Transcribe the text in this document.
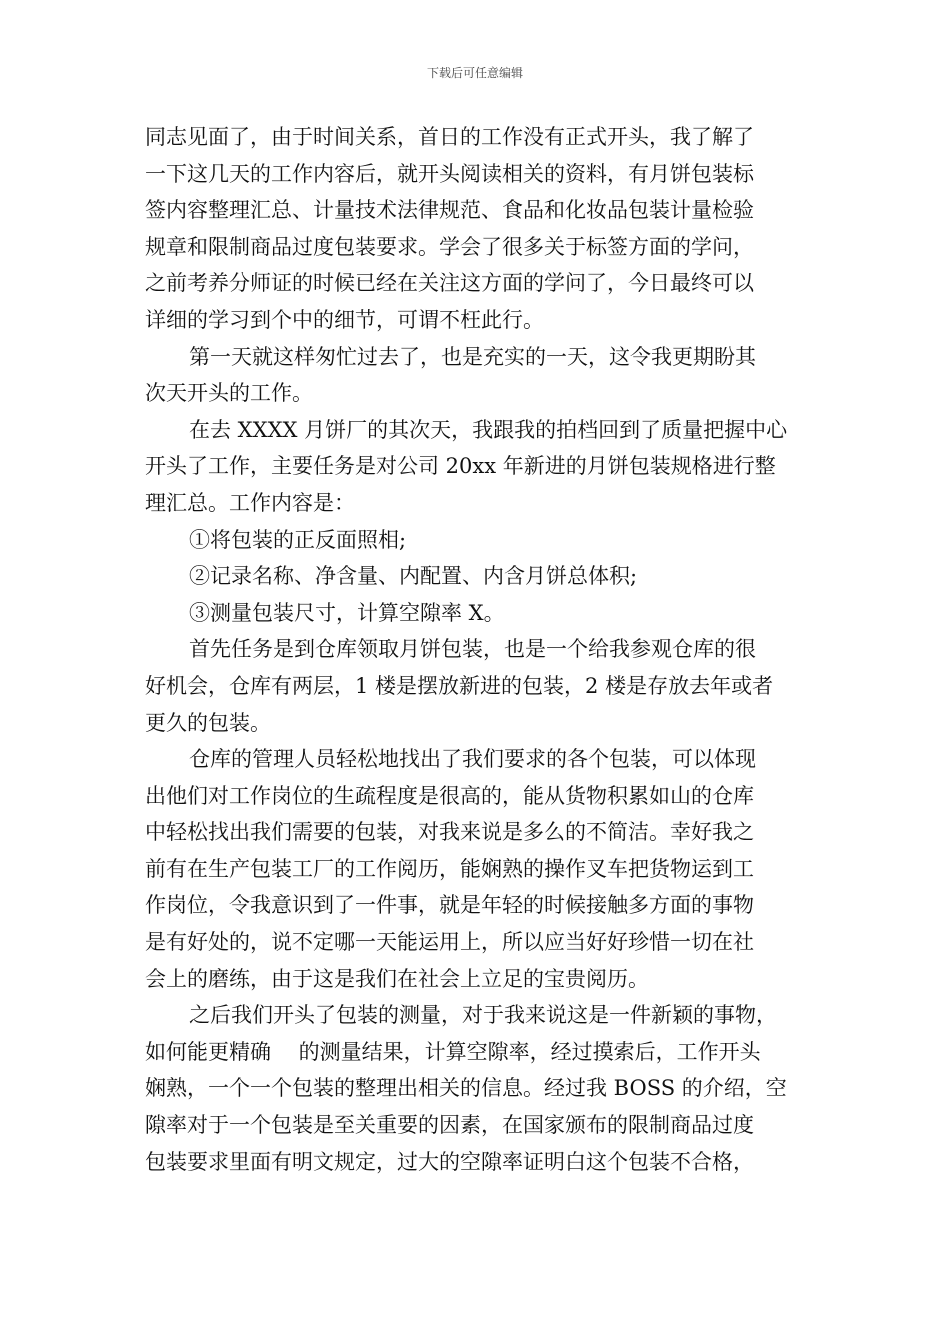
下载后可任意编辑
同志见面了，由于时间关系，首日的工作没有正式开头，我了解了
一下这几天的工作内容后，就开头阅读相关的资料，有月饼包装标
签内容整理汇总、计量技术法律规范、食品和化妆品包装计量检验
规章和限制商品过度包装要求。学会了很多关于标签方面的学问，
之前考养分师证的时候已经在关注这方面的学问了，今日最终可以
详细的学习到个中的细节，可谓不枉此行。
第一天就这样匆忙过去了，也是充实的一天，这令我更期盼其
次天开头的工作。
在去 XXXX 月饼厂的其次天，我跟我的拍档回到了质量把握中心
开头了工作，主要任务是对公司 20xx 年新进的月饼包装规格进行整
理汇总。工作内容是：
①将包装的正反面照相;
②记录名称、净含量、内配置、内含月饼总体积;
③测量包装尺寸，计算空隙率 X。
首先任务是到仓库领取月饼包装，也是一个给我参观仓库的很
好机会，仓库有两层，1 楼是摆放新进的包装，2 楼是存放去年或者
更久的包装。
仓库的管理人员轻松地找出了我们要求的各个包装，可以体现
出他们对工作岗位的生疏程度是很高的，能从货物积累如山的仓库
中轻松找出我们需要的包装，对我来说是多么的不简洁。幸好我之
前有在生产包装工厂的工作阅历，能娴熟的操作叉车把货物运到工
作岗位，令我意识到了一件事，就是年轻的时候接触多方面的事物
是有好处的，说不定哪一天能运用上，所以应当好好珍惜一切在社
会上的磨练，由于这是我们在社会上立足的宝贵阅历。
之后我们开头了包装的测量，对于我来说这是一件新颖的事物，
如何能更精确　 的测量结果，计算空隙率，经过摸索后，工作开头
娴熟，一个一个包装的整理出相关的信息。经过我 BOSS 的介绍，空
隙率对于一个包装是至关重要的因素，在国家颁布的限制商品过度
包装要求里面有明文规定，过大的空隙率证明白这个包装不合格，
